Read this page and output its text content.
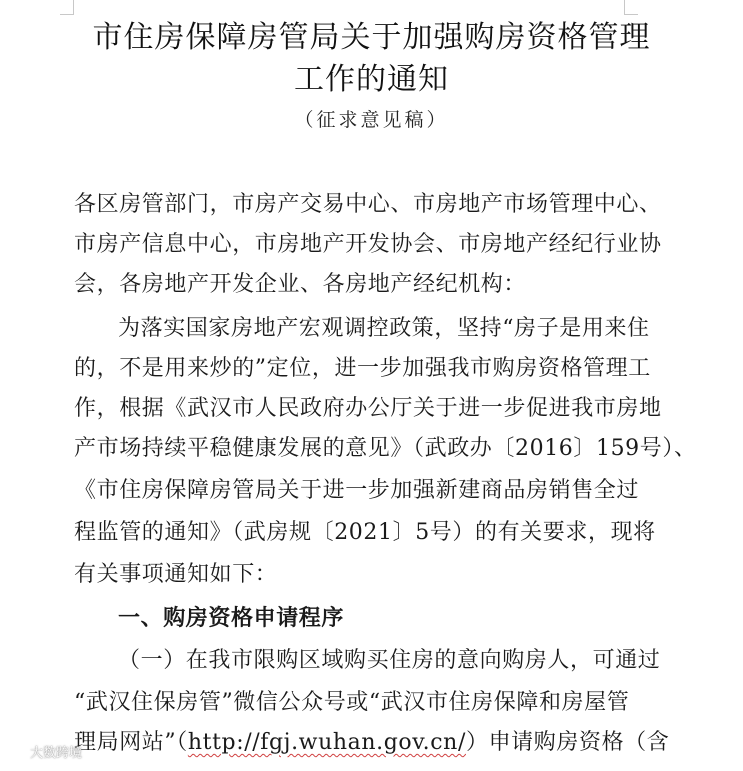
市住房保障房管局关于加强购房资格管理
工作的通知
（征求意见稿）
各区房管部门，市房产交易中心、市房地产市场管理中心、
市房产信息中心，市房地产开发协会、市房地产经纪行业协
会，各房地产开发企业、各房地产经纪机构：
为落实国家房地产宏观调控政策，坚持“房子是用来住
的，不是用来炒的”定位，进一步加强我市购房资格管理工
作，根据《武汉市人民政府办公厅关于进一步促进我市房地
产市场持续平稳健康发展的意见》（武政办〔2016〕159号）、
《市住房保障房管局关于进一步加强新建商品房销售全过
程监管的通知》（武房规〔2021〕5号）的有关要求，现将
有关事项通知如下：
一、购房资格申请程序
（一）在我市限购区域购买住房的意向购房人，可通过
“武汉住保房管”微信公众号或“武汉市住房保障和房屋管
理局网站”（http://fgj.wuhan.gov.cn/）申请购房资格（含
大数跨境
